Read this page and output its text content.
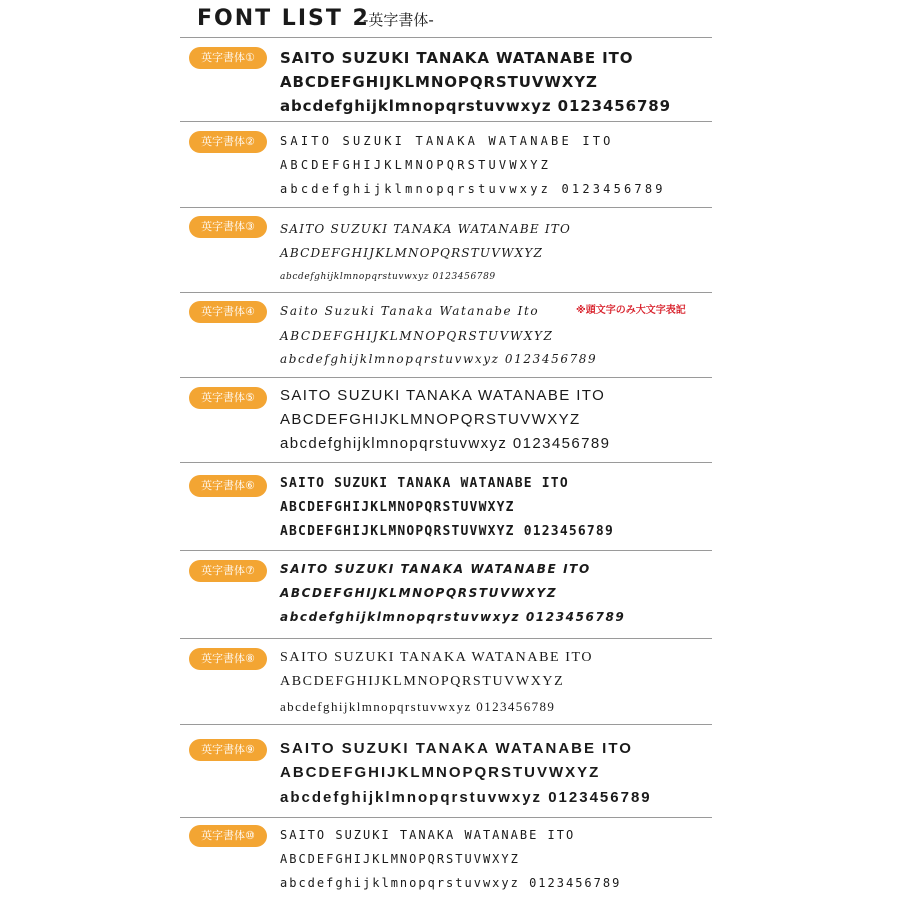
FONT LIST 2
-英字書体-
英字書体①	SAITO SUZUKI TANAKA WATANABE ITO
ABCDEFGHIJKLMNOPQRSTUVWXYZ
abcdefghijklmnopqrstuvwxyz 0123456789
英字書体②	SAITO SUZUKI TANAKA WATANABE ITO
ABCDEFGHIJKLMNOPQRSTUVWXYZ
abcdefghijklmnopqrstuvwxyz 0123456789
英字書体③	SAITO SUZUKI TANAKA WATANABE ITO
ABCDEFGHIJKLMNOPQRSTUVWXYZ
abcdefghijklmnopqrstuvwxyz 0123456789
英字書体④	Saito Suzuki Tanaka Watanabe Ito	※頭文字のみ大文字表記
ABCDEFGHIJKLMNOPQRSTUVWXYZ
abcdefghijklmnopqrstuvwxyz 0123456789
英字書体⑤	SAITO SUZUKI TANAKA WATANABE ITO
ABCDEFGHIJKLMNOPQRSTUVWXYZ
abcdefghijklmnopqrstuvwxyz 0123456789
英字書体⑥	SAITO SUZUKI TANAKA WATANABE ITO
ABCDEFGHIJKLMNOPQRSTUVWXYZ
ABCDEFGHIJKLMNOPQRSTUVWXYZ 0123456789
英字書体⑦	SAITO SUZUKI TANAKA WATANABE ITO
ABCDEFGHIJKLMNOPQRSTUVWXYZ
abcdefghijklmnopqrstuvwxyz 0123456789
英字書体⑧	SAITO SUZUKI TANAKA WATANABE ITO
ABCDEFGHIJKLMNOPQRSTUVWXYZ
abcdefghijklmnopqrstuvwxyz 0123456789
英字書体⑨	SAITO SUZUKI TANAKA WATANABE ITO
ABCDEFGHIJKLMNOPQRSTUVWXYZ
abcdefghijklmnopqrstuvwxyz 0123456789
英字書体⑩	SAITO SUZUKI TANAKA WATANABE ITO
ABCDEFGHIJKLMNOPQRSTUVWXYZ
abcdefghijklmnopqrstuvwxyz 0123456789
